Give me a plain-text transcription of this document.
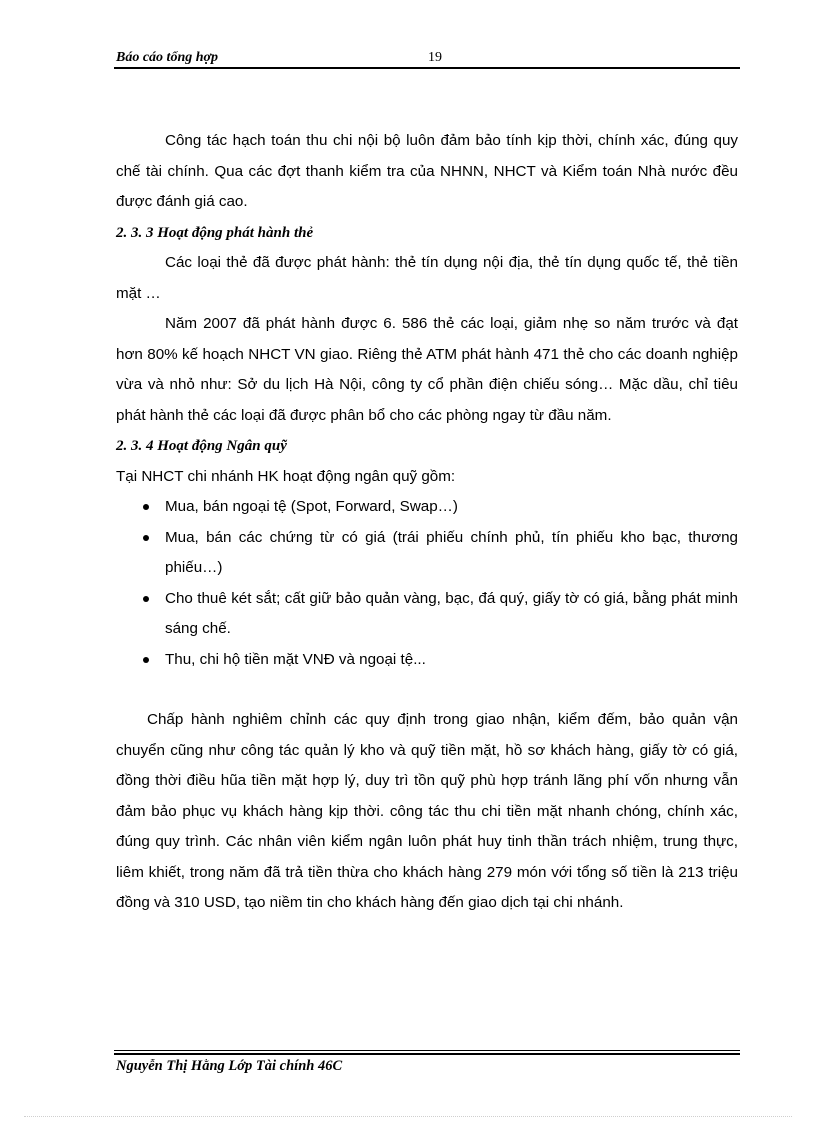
Báo cáo tổng hợp	19

Công tác hạch toán thu chi nội bộ luôn đảm bảo tính kịp thời, chính xác, đúng quy chế tài chính. Qua các đợt thanh kiểm tra của NHNN, NHCT và Kiểm toán Nhà nước đều được đánh giá cao.

2. 3. 3 Hoạt động phát hành thẻ

Các loại thẻ đã được phát hành: thẻ tín dụng nội địa, thẻ tín dụng quốc tế, thẻ tiền mặt …

Năm 2007 đã phát hành được 6. 586 thẻ các loại, giảm nhẹ so năm trước và đạt hơn 80% kế hoạch NHCT VN giao. Riêng thẻ ATM phát hành 471 thẻ cho các doanh nghiệp vừa và nhỏ như: Sở du lịch Hà Nội, công ty cổ phần điện chiếu sóng… Mặc dầu, chỉ tiêu phát hành thẻ các loại đã được phân bổ cho các phòng ngay từ đầu năm.

2. 3. 4 Hoạt động Ngân quỹ

Tại NHCT chi nhánh HK hoạt động ngân quỹ gồm:

Mua, bán ngoại tệ (Spot, Forward, Swap…)
Mua, bán các chứng từ có giá (trái phiếu chính phủ, tín phiếu kho bạc, thương phiếu…)
Cho thuê két sắt; cất giữ bảo quản vàng, bạc, đá quý, giấy tờ có giá, bằng phát minh sáng chế.
Thu, chi hộ tiền mặt VNĐ và ngoại tệ...

Chấp hành nghiêm chỉnh các quy định trong giao nhận, kiểm đếm, bảo quản vận chuyển cũng như công tác quản lý kho và quỹ tiền mặt, hồ sơ khách hàng, giấy tờ có giá, đồng thời điều hũa tiền mặt hợp lý, duy trì tồn quỹ phù hợp tránh lãng phí vốn nhưng vẫn đảm bảo phục vụ khách hàng kịp thời. công tác thu chi tiền mặt nhanh chóng, chính xác, đúng quy trình. Các nhân viên kiểm ngân luôn phát huy tinh thần trách nhiệm, trung thực, liêm khiết, trong năm đã trả tiền thừa cho khách hàng 279 món với tổng số tiền là 213 triệu đồng và 310 USD, tạo niềm tin cho khách hàng đến giao dịch tại chi nhánh.

Nguyễn Thị Hằng Lớp Tài chính 46C
